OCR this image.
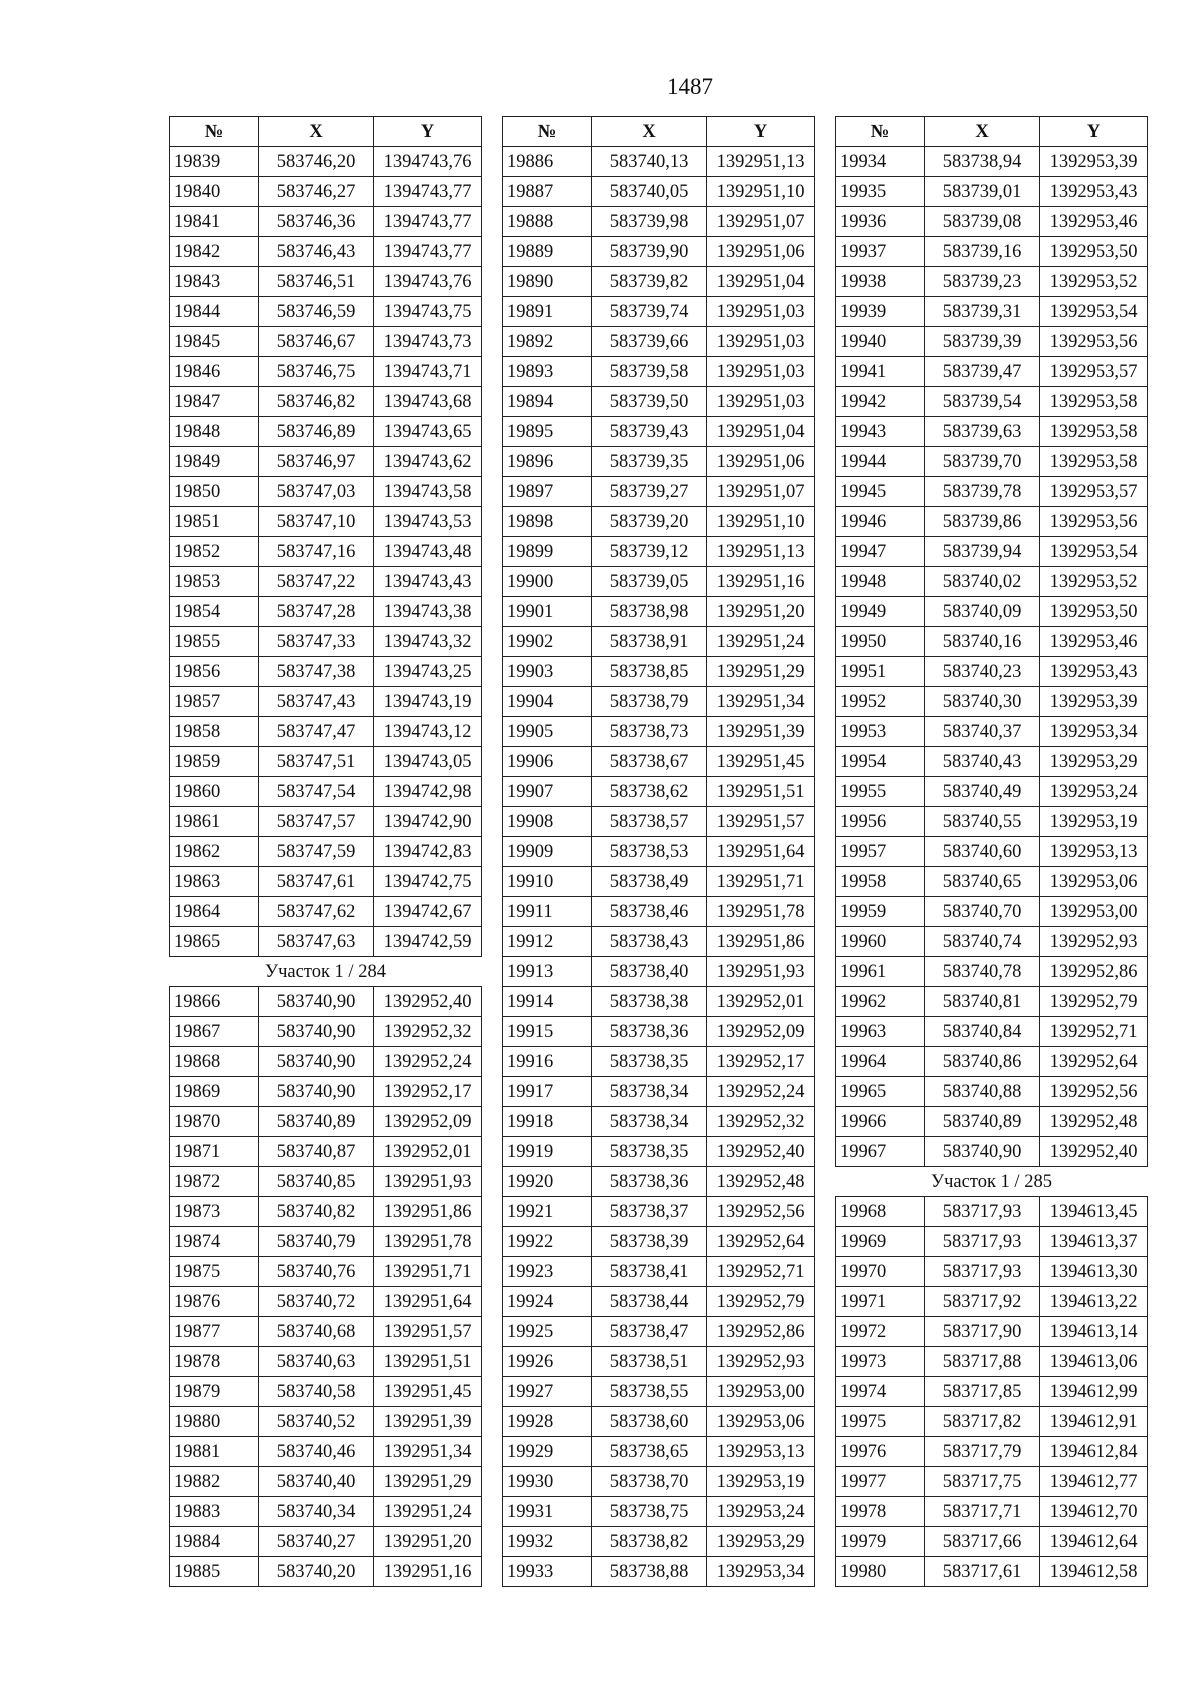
1487
№	X	Y
19839	583746,20	1394743,76
19840	583746,27	1394743,77
19841	583746,36	1394743,77
19842	583746,43	1394743,77
19843	583746,51	1394743,76
19844	583746,59	1394743,75
19845	583746,67	1394743,73
19846	583746,75	1394743,71
19847	583746,82	1394743,68
19848	583746,89	1394743,65
19849	583746,97	1394743,62
19850	583747,03	1394743,58
19851	583747,10	1394743,53
19852	583747,16	1394743,48
19853	583747,22	1394743,43
19854	583747,28	1394743,38
19855	583747,33	1394743,32
19856	583747,38	1394743,25
19857	583747,43	1394743,19
19858	583747,47	1394743,12
19859	583747,51	1394743,05
19860	583747,54	1394742,98
19861	583747,57	1394742,90
19862	583747,59	1394742,83
19863	583747,61	1394742,75
19864	583747,62	1394742,67
19865	583747,63	1394742,59
Участок 1 / 284		
19866	583740,90	1392952,40
19867	583740,90	1392952,32
19868	583740,90	1392952,24
19869	583740,90	1392952,17
19870	583740,89	1392952,09
19871	583740,87	1392952,01
19872	583740,85	1392951,93
19873	583740,82	1392951,86
19874	583740,79	1392951,78
19875	583740,76	1392951,71
19876	583740,72	1392951,64
19877	583740,68	1392951,57
19878	583740,63	1392951,51
19879	583740,58	1392951,45
19880	583740,52	1392951,39
19881	583740,46	1392951,34
19882	583740,40	1392951,29
19883	583740,34	1392951,24
19884	583740,27	1392951,20
19885	583740,20	1392951,16
№	X	Y
19886	583740,13	1392951,13
19887	583740,05	1392951,10
19888	583739,98	1392951,07
19889	583739,90	1392951,06
19890	583739,82	1392951,04
19891	583739,74	1392951,03
19892	583739,66	1392951,03
19893	583739,58	1392951,03
19894	583739,50	1392951,03
19895	583739,43	1392951,04
19896	583739,35	1392951,06
19897	583739,27	1392951,07
19898	583739,20	1392951,10
19899	583739,12	1392951,13
19900	583739,05	1392951,16
19901	583738,98	1392951,20
19902	583738,91	1392951,24
19903	583738,85	1392951,29
19904	583738,79	1392951,34
19905	583738,73	1392951,39
19906	583738,67	1392951,45
19907	583738,62	1392951,51
19908	583738,57	1392951,57
19909	583738,53	1392951,64
19910	583738,49	1392951,71
19911	583738,46	1392951,78
19912	583738,43	1392951,86
19913	583738,40	1392951,93
19914	583738,38	1392952,01
19915	583738,36	1392952,09
19916	583738,35	1392952,17
19917	583738,34	1392952,24
19918	583738,34	1392952,32
19919	583738,35	1392952,40
19920	583738,36	1392952,48
19921	583738,37	1392952,56
19922	583738,39	1392952,64
19923	583738,41	1392952,71
19924	583738,44	1392952,79
19925	583738,47	1392952,86
19926	583738,51	1392952,93
19927	583738,55	1392953,00
19928	583738,60	1392953,06
19929	583738,65	1392953,13
19930	583738,70	1392953,19
19931	583738,75	1392953,24
19932	583738,82	1392953,29
19933	583738,88	1392953,34
№	X	Y
19934	583738,94	1392953,39
19935	583739,01	1392953,43
19936	583739,08	1392953,46
19937	583739,16	1392953,50
19938	583739,23	1392953,52
19939	583739,31	1392953,54
19940	583739,39	1392953,56
19941	583739,47	1392953,57
19942	583739,54	1392953,58
19943	583739,63	1392953,58
19944	583739,70	1392953,58
19945	583739,78	1392953,57
19946	583739,86	1392953,56
19947	583739,94	1392953,54
19948	583740,02	1392953,52
19949	583740,09	1392953,50
19950	583740,16	1392953,46
19951	583740,23	1392953,43
19952	583740,30	1392953,39
19953	583740,37	1392953,34
19954	583740,43	1392953,29
19955	583740,49	1392953,24
19956	583740,55	1392953,19
19957	583740,60	1392953,13
19958	583740,65	1392953,06
19959	583740,70	1392953,00
19960	583740,74	1392952,93
19961	583740,78	1392952,86
19962	583740,81	1392952,79
19963	583740,84	1392952,71
19964	583740,86	1392952,64
19965	583740,88	1392952,56
19966	583740,89	1392952,48
19967	583740,90	1392952,40
Участок 1 / 285		
19968	583717,93	1394613,45
19969	583717,93	1394613,37
19970	583717,93	1394613,30
19971	583717,92	1394613,22
19972	583717,90	1394613,14
19973	583717,88	1394613,06
19974	583717,85	1394612,99
19975	583717,82	1394612,91
19976	583717,79	1394612,84
19977	583717,75	1394612,77
19978	583717,71	1394612,70
19979	583717,66	1394612,64
19980	583717,61	1394612,58
